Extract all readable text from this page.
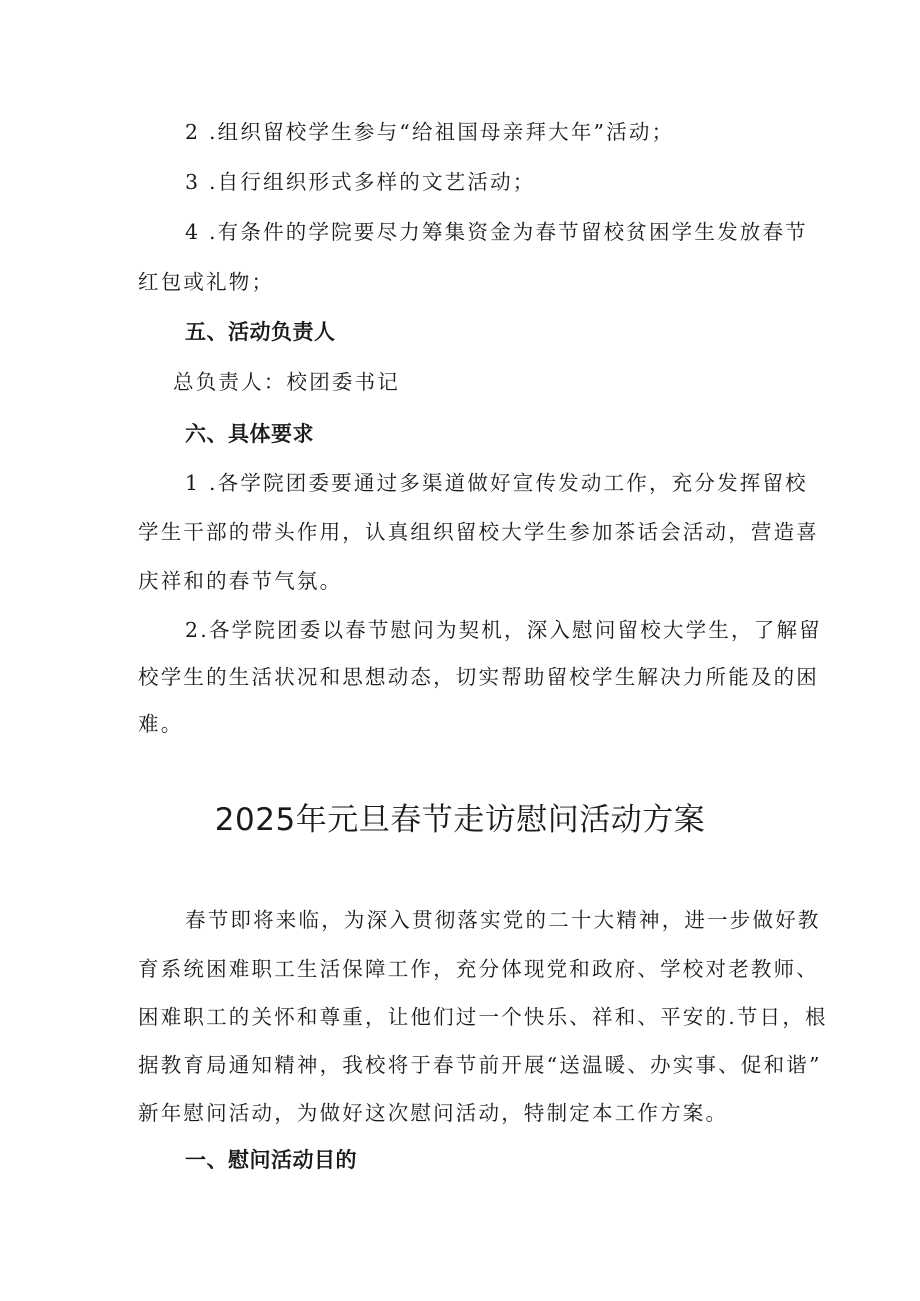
2 .组织留校学生参与“给祖国母亲拜大年”活动；
3 .自行组织形式多样的文艺活动；
4 .有条件的学院要尽力筹集资金为春节留校贫困学生发放春节
红包或礼物；
五、活动负责人
总负责人：校团委书记
六、具体要求
1 .各学院团委要通过多渠道做好宣传发动工作，充分发挥留校
学生干部的带头作用，认真组织留校大学生参加茶话会活动，营造喜
庆祥和的春节气氛。
2.各学院团委以春节慰问为契机，深入慰问留校大学生，了解留
校学生的生活状况和思想动态，切实帮助留校学生解决力所能及的困
难。
2025年元旦春节走访慰问活动方案
春节即将来临，为深入贯彻落实党的二十大精神，进一步做好教
育系统困难职工生活保障工作，充分体现党和政府、学校对老教师、
困难职工的关怀和尊重，让他们过一个快乐、祥和、平安的.节日，根
据教育局通知精神，我校将于春节前开展“送温暖、办实事、促和谐”
新年慰问活动，为做好这次慰问活动，特制定本工作方案。
一、慰问活动目的
